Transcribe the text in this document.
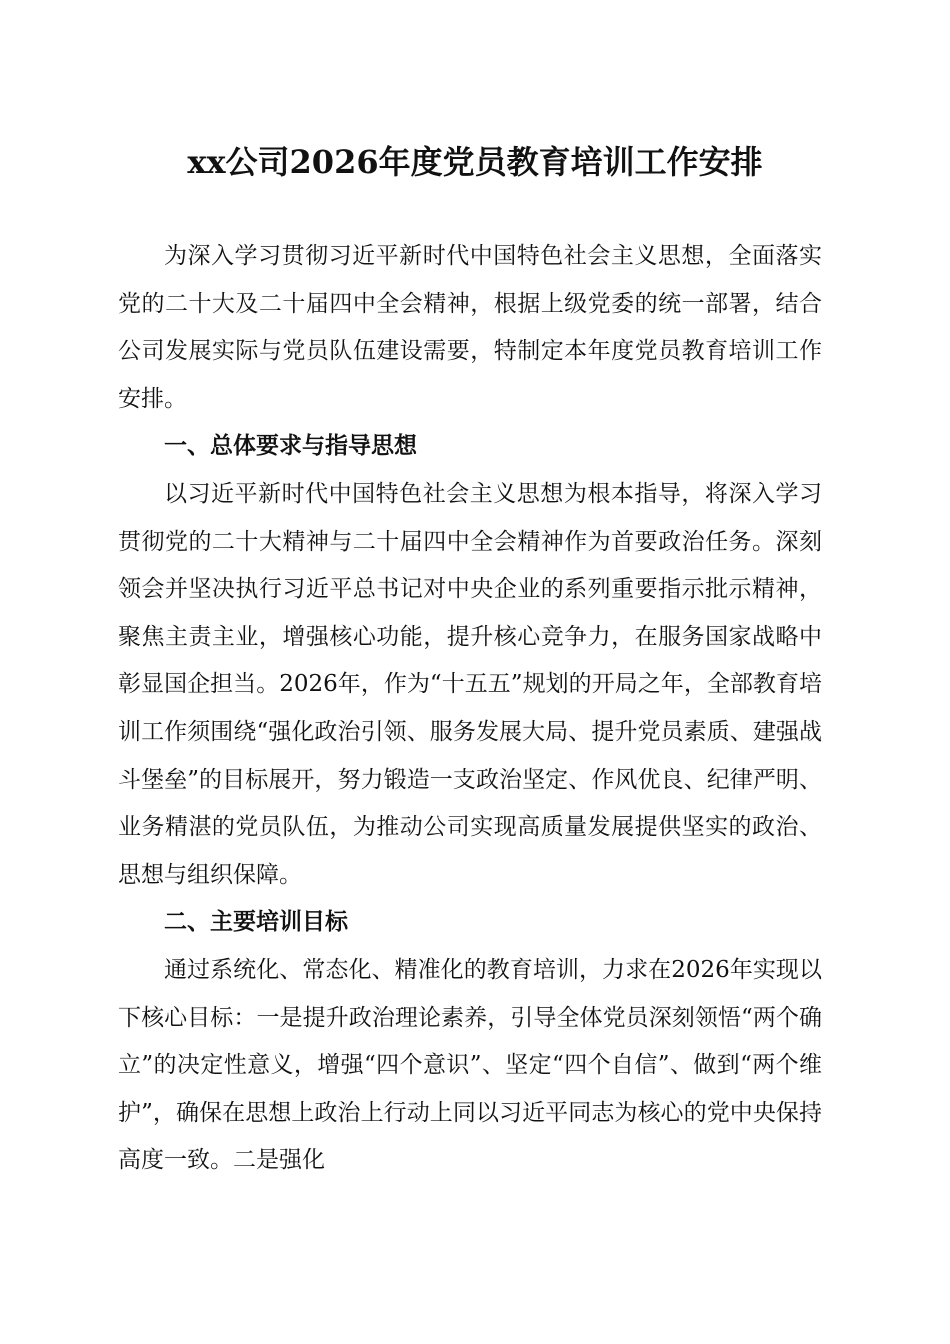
xx公司2026年度党员教育培训工作安排

为深入学习贯彻习近平新时代中国特色社会主义思想，全面落实党的二十大及二十届四中全会精神，根据上级党委的统一部署，结合公司发展实际与党员队伍建设需要，特制定本年度党员教育培训工作安排。

一、总体要求与指导思想

以习近平新时代中国特色社会主义思想为根本指导，将深入学习贯彻党的二十大精神与二十届四中全会精神作为首要政治任务。深刻领会并坚决执行习近平总书记对中央企业的系列重要指示批示精神，聚焦主责主业，增强核心功能，提升核心竞争力，在服务国家战略中彰显国企担当。2026年，作为“十五五”规划的开局之年，全部教育培训工作须围绕“强化政治引领、服务发展大局、提升党员素质、建强战斗堡垒”的目标展开，努力锻造一支政治坚定、作风优良、纪律严明、业务精湛的党员队伍，为推动公司实现高质量发展提供坚实的政治、思想与组织保障。

二、主要培训目标

通过系统化、常态化、精准化的教育培训，力求在2026年实现以下核心目标：一是提升政治理论素养，引导全体党员深刻领悟“两个确立”的决定性意义，增强“四个意识”、坚定“四个自信”、做到“两个维护”，确保在思想上政治上行动上同以习近平同志为核心的党中央保持高度一致。二是强化
